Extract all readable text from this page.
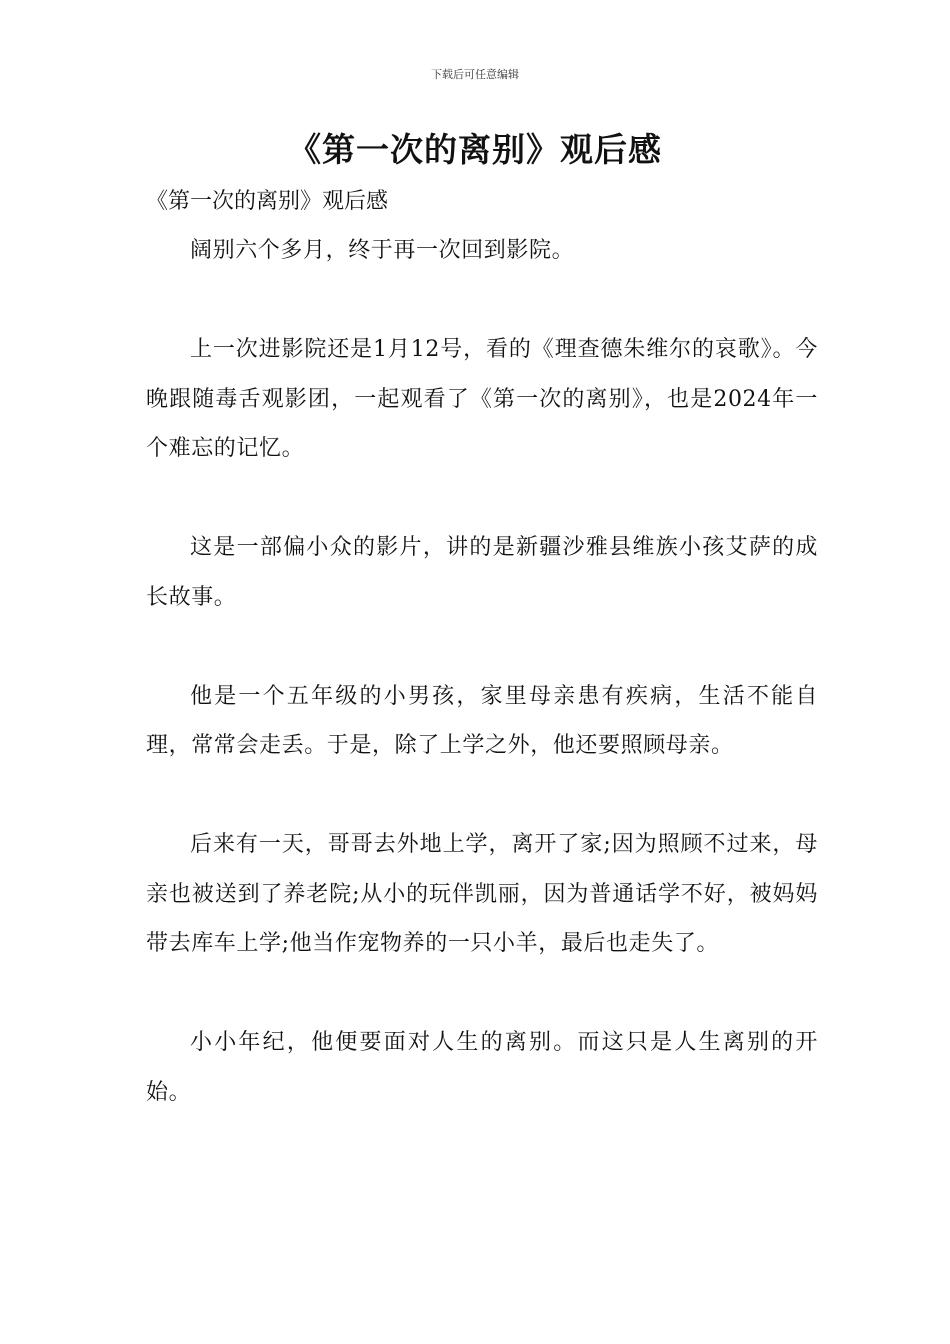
下载后可任意编辑
《第一次的离别》观后感

《第一次的离别》观后感

阔别六个多月，终于再一次回到影院。

上一次进影院还是1月12号，看的《理查德朱维尔的哀歌》。今晚跟随毒舌观影团，一起观看了《第一次的离别》，也是2024年一个难忘的记忆。

这是一部偏小众的影片，讲的是新疆沙雅县维族小孩艾萨的成长故事。

他是一个五年级的小男孩，家里母亲患有疾病，生活不能自理，常常会走丢。于是，除了上学之外，他还要照顾母亲。

后来有一天，哥哥去外地上学，离开了家;因为照顾不过来，母亲也被送到了养老院;从小的玩伴凯丽，因为普通话学不好，被妈妈带去库车上学;他当作宠物养的一只小羊，最后也走失了。

小小年纪，他便要面对人生的离别。而这只是人生离别的开始。
